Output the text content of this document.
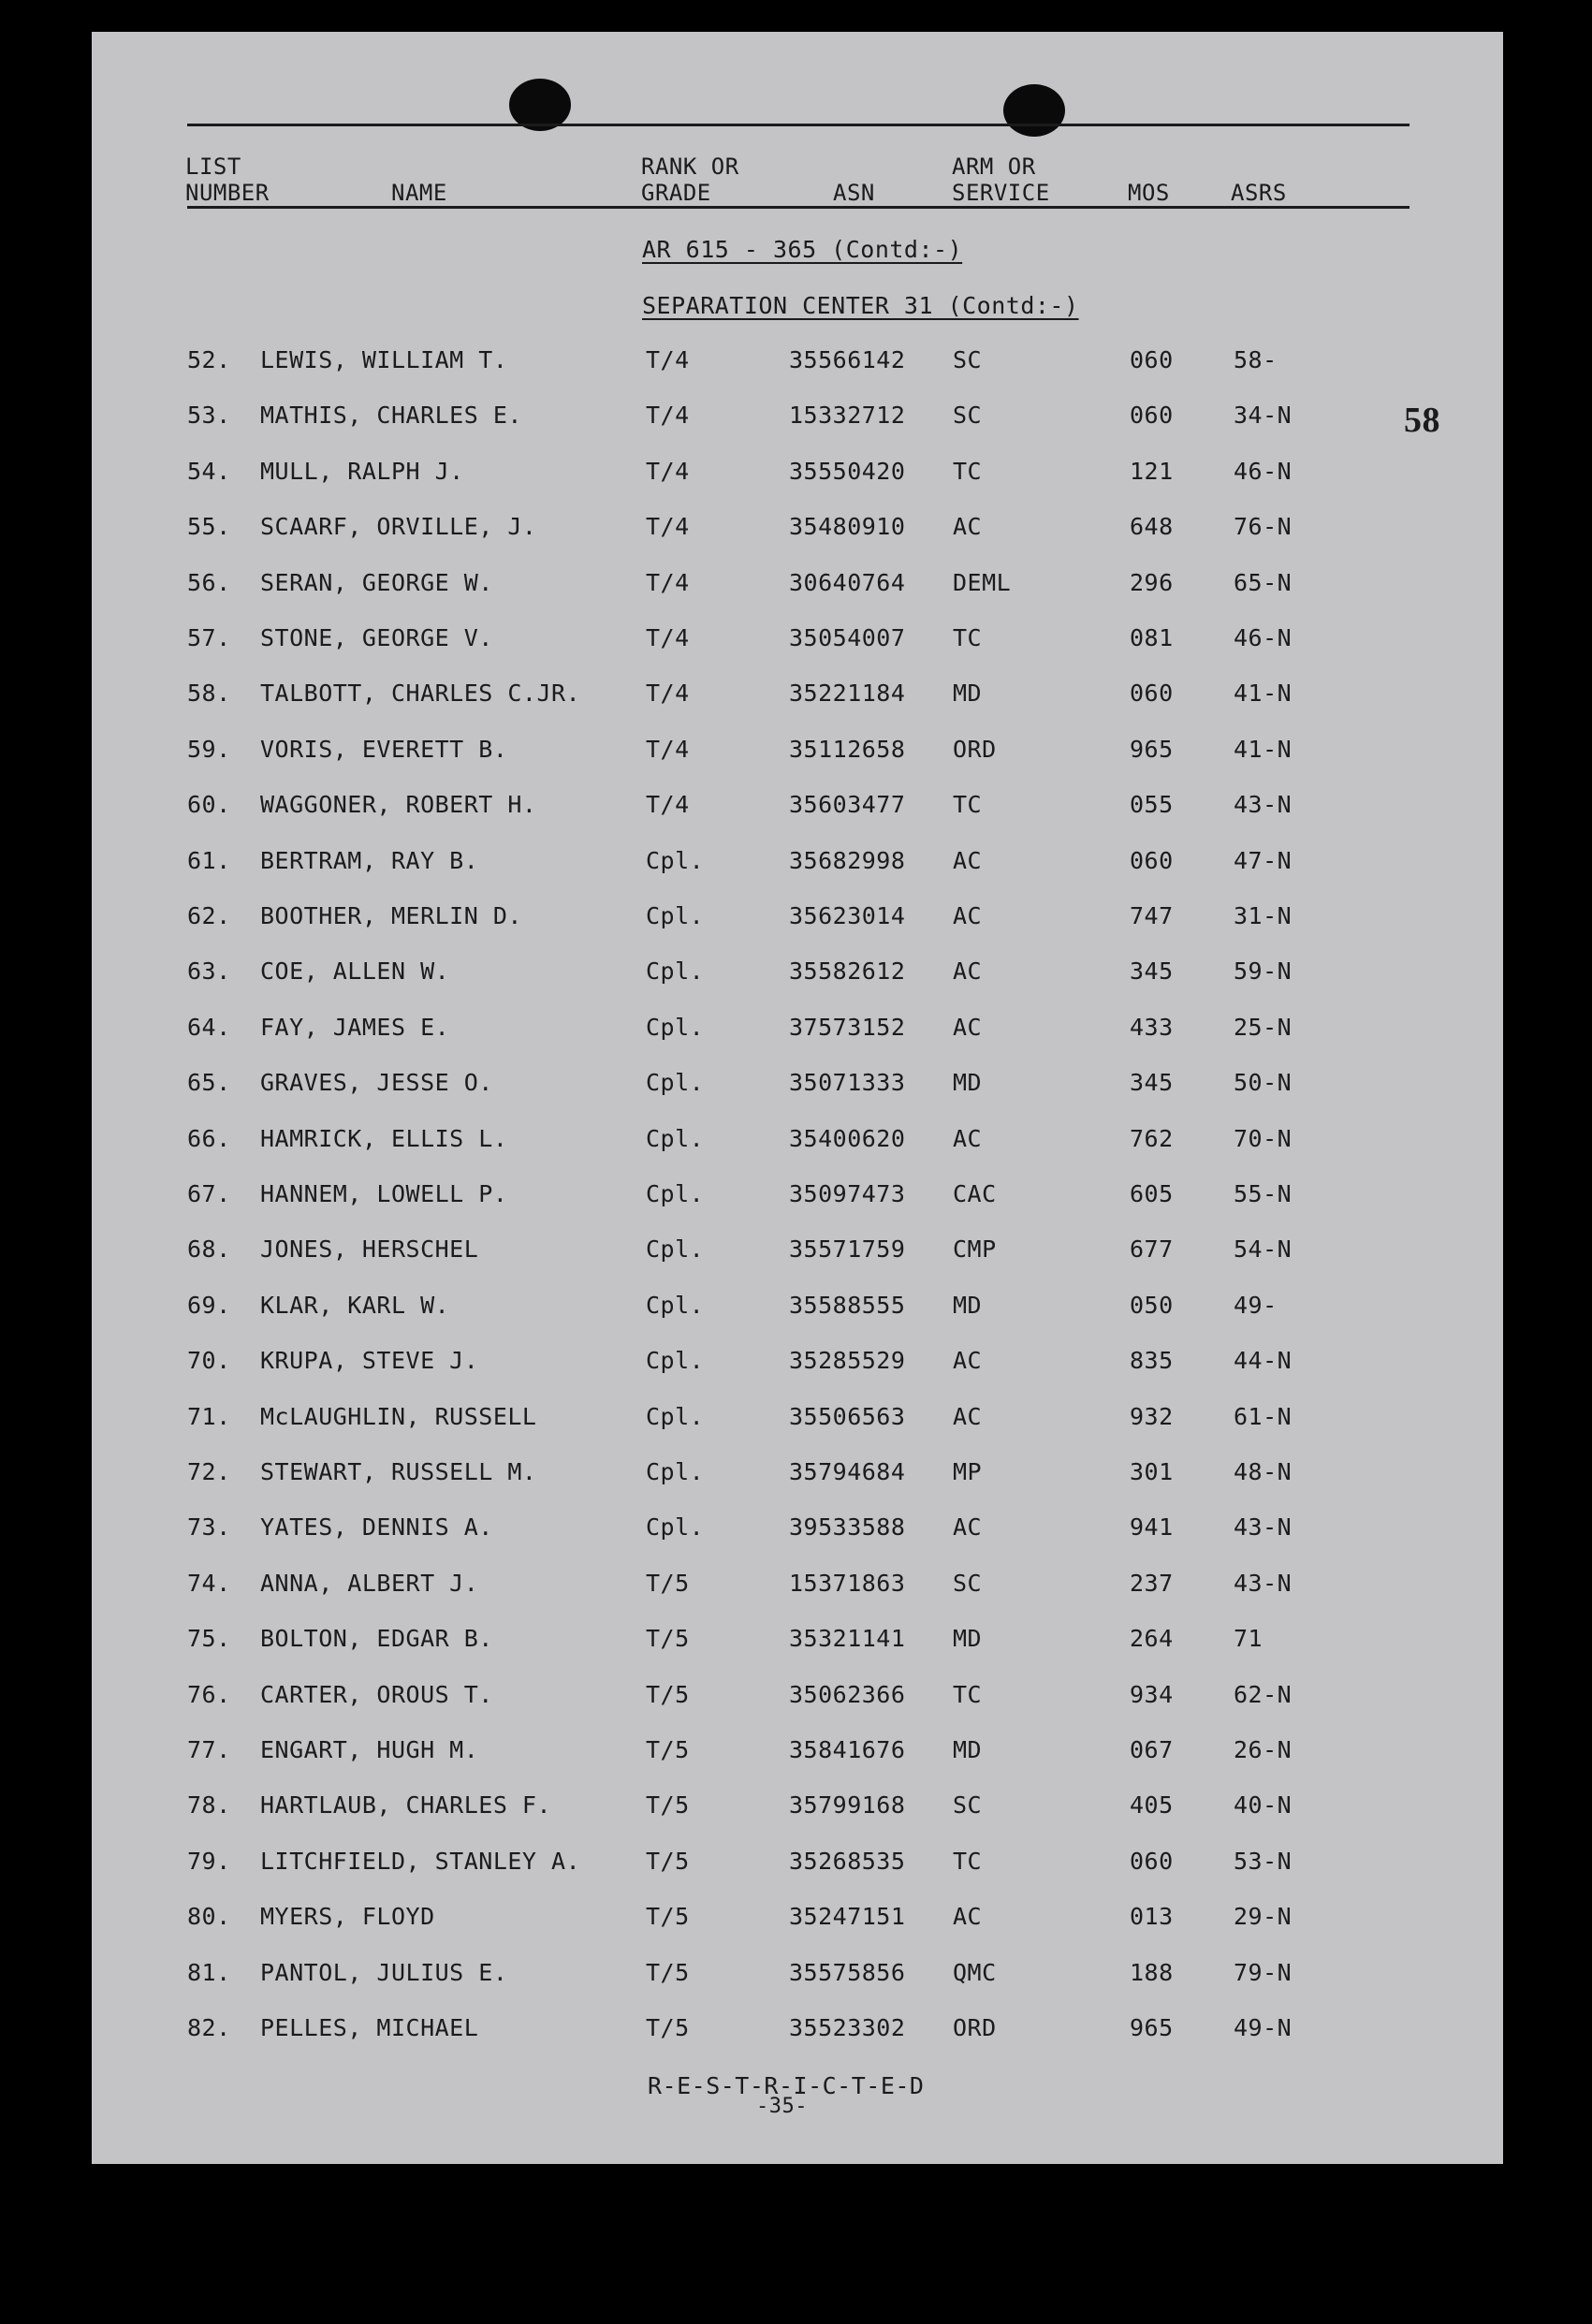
LIST
NUMBER	NAME
RANK OR
GRADE	ASN
ARM OR
SERVICE	MOS	ASRS
AR 615 - 365 (Contd:-)
SEPARATION CENTER 31 (Contd:-)
58
52. LEWIS, WILLIAM T.	T/4	35566142 SC	060	58-
53. MATHIS, CHARLES E.	T/4	15332712 SC	060	34-N
54. MULL, RALPH J.	T/4	35550420 TC	121	46-N
55. SCAARF, ORVILLE, J.	T/4	35480910 AC	648	76-N
56. SERAN, GEORGE W.	T/4	30640764 DEML	296	65-N
57. STONE, GEORGE V.	T/4	35054007 TC	081	46-N
58. TALBOTT, CHARLES C.JR.	T/4	35221184 MD	060	41-N
59. VORIS, EVERETT B.	T/4	35112658 ORD	965	41-N
60. WAGGONER, ROBERT H.	T/4	35603477 TC	055	43-N
61. BERTRAM, RAY B.	Cpl.	35682998 AC	060	47-N
62. BOOTHER, MERLIN D.	Cpl.	35623014 AC	747	31-N
63. COE, ALLEN W.	Cpl.	35582612 AC	345	59-N
64. FAY, JAMES E.	Cpl.	37573152 AC	433	25-N
65. GRAVES, JESSE O.	Cpl.	35071333 MD	345	50-N
66. HAMRICK, ELLIS L.	Cpl.	35400620 AC	762	70-N
67. HANNEM, LOWELL P.	Cpl.	35097473 CAC	605	55-N
68. JONES, HERSCHEL	Cpl.	35571759 CMP	677	54-N
69. KLAR, KARL W.	Cpl.	35588555 MD	050	49-
70. KRUPA, STEVE J.	Cpl.	35285529 AC	835	44-N
71. McLAUGHLIN, RUSSELL	Cpl.	35506563 AC	932	61-N
72. STEWART, RUSSELL M.	Cpl.	35794684 MP	301	48-N
73. YATES, DENNIS A.	Cpl.	39533588 AC	941	43-N
74. ANNA, ALBERT J.	T/5	15371863 SC	237	43-N
75. BOLTON, EDGAR B.	T/5	35321141 MD	264	71
76. CARTER, OROUS T.	T/5	35062366 TC	934	62-N
77. ENGART, HUGH M.	T/5	35841676 MD	067	26-N
78. HARTLAUB, CHARLES F.	T/5	35799168 SC	405	40-N
79. LITCHFIELD, STANLEY A.	T/5	35268535 TC	060	53-N
80. MYERS, FLOYD	T/5	35247151 AC	013	29-N
81. PANTOL, JULIUS E.	T/5	35575856 QMC	188	79-N
82. PELLES, MICHAEL	T/5	35523302 ORD	965	49-N
R-E-S-T-R-I-C-T-E-D
-35-
